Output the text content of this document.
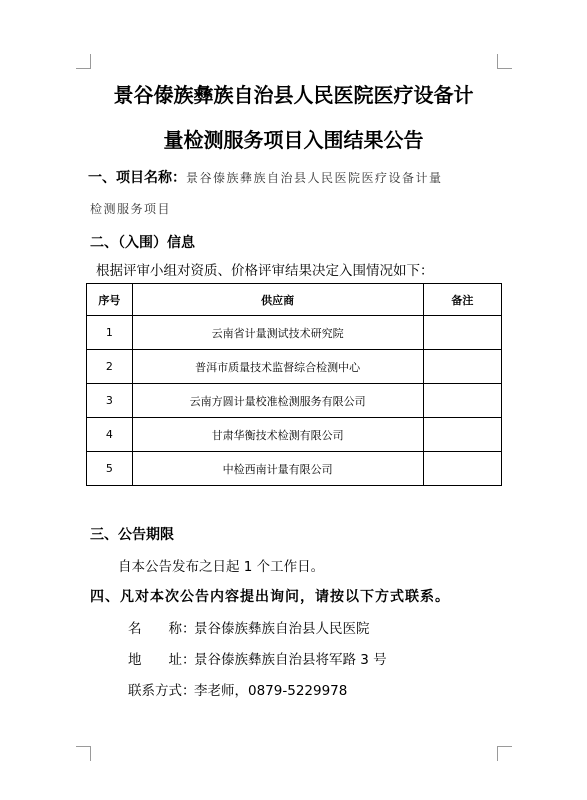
景谷傣族彝族自治县人民医院医疗设备计
量检测服务项目入围结果公告
一、项目名称：景谷傣族彝族自治县人民医院医疗设备计量
检测服务项目
二、（入围）信息
根据评审小组对资质、价格评审结果决定入围情况如下：
序号	供应商	备注
1	云南省计量测试技术研究院	
2	普洱市质量技术监督综合检测中心	
3	云南方圆计量校准检测服务有限公司	
4	甘肃华衡技术检测有限公司	
5	中检西南计量有限公司	
三、公告期限
自本公告发布之日起 1 个工作日。
四、凡对本次公告内容提出询问，请按以下方式联系。
名　　称：景谷傣族彝族自治县人民医院
地　　址：景谷傣族彝族自治县将军路 3 号
联系方式：李老师，0879-5229978
